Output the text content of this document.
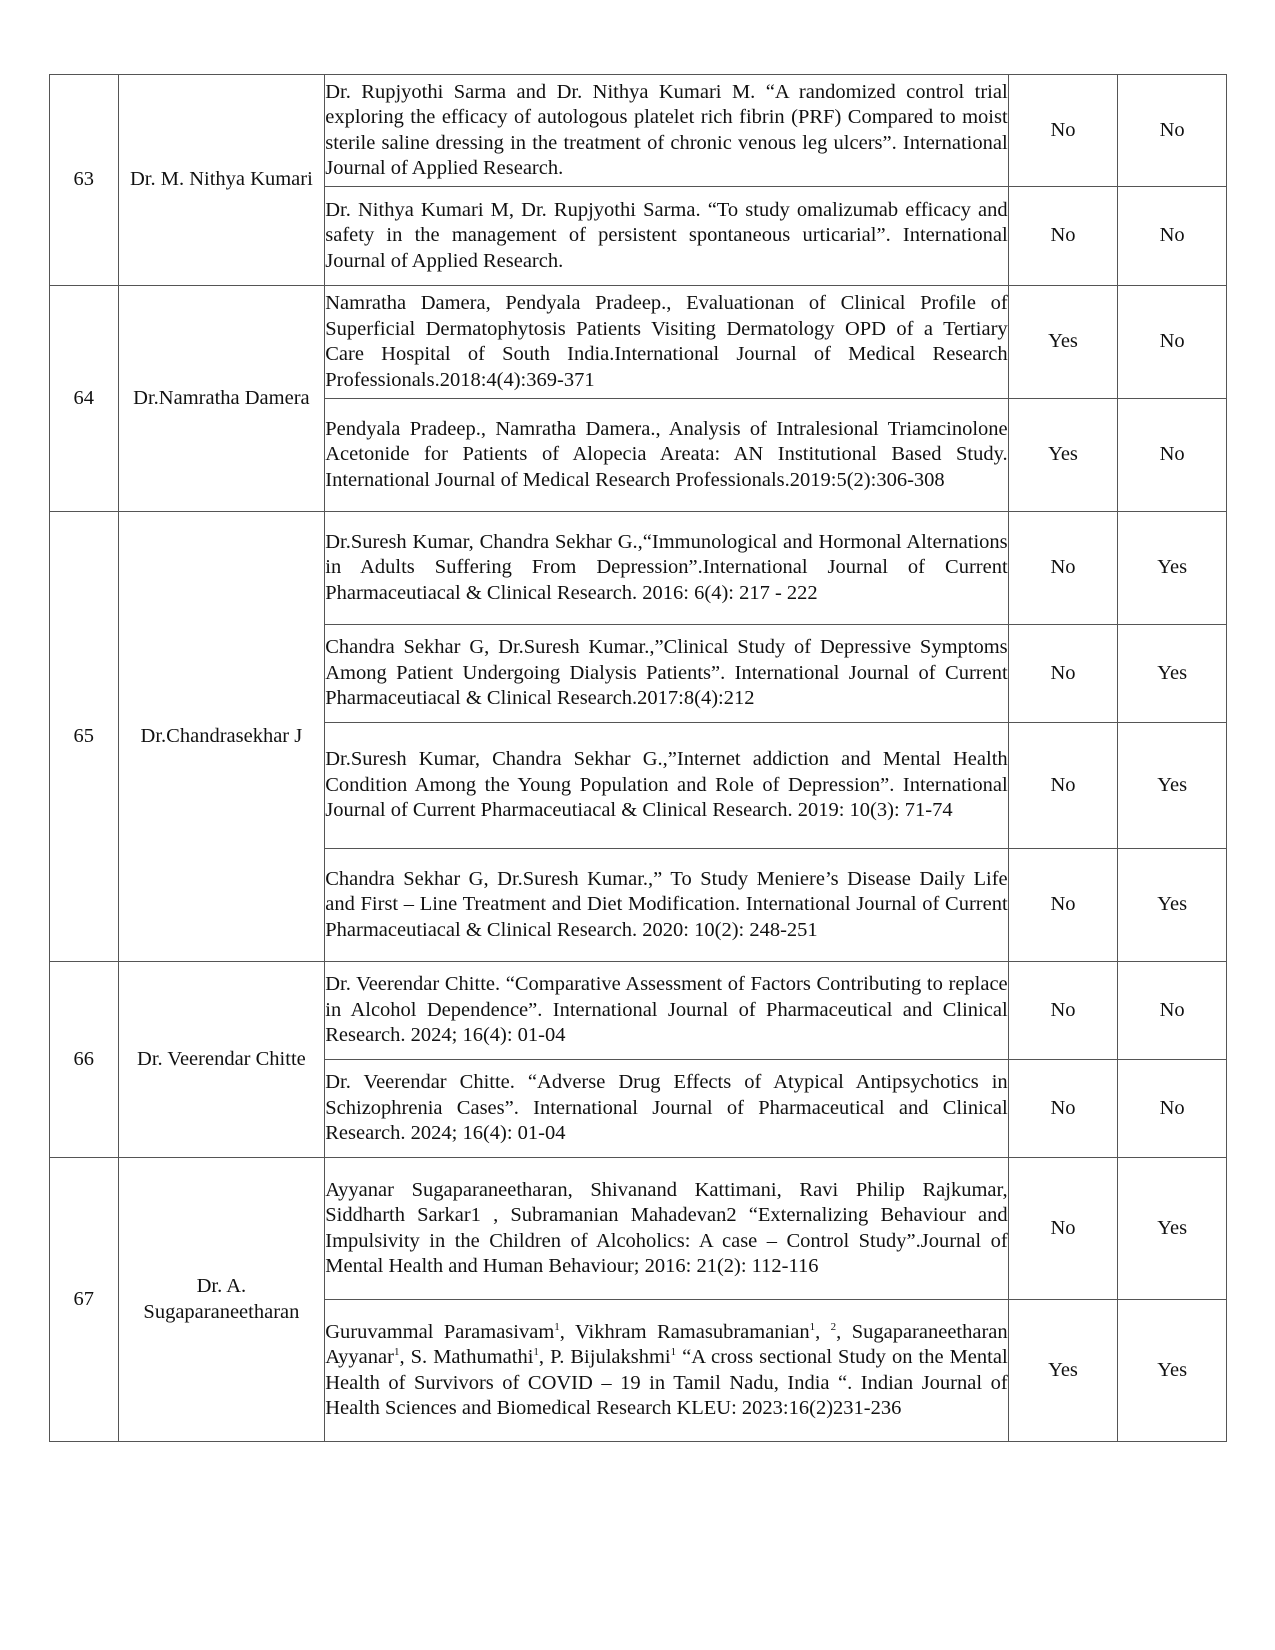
63	Dr. M. Nithya Kumari	Dr. Rupjyothi Sarma and Dr. Nithya Kumari M. “A randomized control trial exploring the efficacy of autologous platelet rich fibrin (PRF) Compared to moist sterile saline dressing in the treatment of chronic venous leg ulcers”. International Journal of Applied Research.	No	No
		Dr. Nithya Kumari M, Dr. Rupjyothi Sarma. “To study omalizumab efficacy and safety in the management of persistent spontaneous urticarial”. International Journal of Applied Research.	No	No
64	Dr.Namratha Damera	Namratha Damera, Pendyala Pradeep., Evaluationan of Clinical Profile of Superficial Dermatophytosis Patients Visiting Dermatology OPD of a Tertiary Care Hospital of South India.International Journal of Medical Research Professionals.2018:4(4):369-371	Yes	No
		Pendyala Pradeep., Namratha Damera., Analysis of Intralesional Triamcinolone Acetonide for Patients of Alopecia Areata: AN Institutional Based Study. International Journal of Medical Research Professionals.2019:5(2):306-308	Yes	No
65	Dr.Chandrasekhar J	Dr.Suresh Kumar, Chandra Sekhar G.,“Immunological and Hormonal Alternations in Adults Suffering From Depression”.International Journal of Current Pharmaceutiacal & Clinical Research. 2016: 6(4): 217 - 222	No	Yes
		Chandra Sekhar G, Dr.Suresh Kumar.,”Clinical Study of Depressive Symptoms Among Patient Undergoing Dialysis Patients”. International Journal of Current Pharmaceutiacal & Clinical Research.2017:8(4):212	No	Yes
		Dr.Suresh Kumar, Chandra Sekhar G.,”Internet addiction and Mental Health Condition Among the Young Population and Role of Depression”. International Journal of Current Pharmaceutiacal & Clinical Research. 2019: 10(3): 71-74	No	Yes
		Chandra Sekhar G, Dr.Suresh Kumar.,” To Study Meniere’s Disease Daily Life and First – Line Treatment and Diet Modification. International Journal of Current Pharmaceutiacal & Clinical Research. 2020: 10(2): 248-251	No	Yes
66	Dr. Veerendar Chitte	Dr. Veerendar Chitte. “Comparative Assessment of Factors Contributing to replace in Alcohol Dependence”. International Journal of Pharmaceutical and Clinical Research. 2024; 16(4): 01-04	No	No
		Dr. Veerendar Chitte. “Adverse Drug Effects of Atypical Antipsychotics in Schizophrenia Cases”. International Journal of Pharmaceutical and Clinical Research. 2024; 16(4): 01-04	No	No
67	Dr. A. Sugaparaneetharan	Ayyanar Sugaparaneetharan, Shivanand Kattimani, Ravi Philip Rajkumar, Siddharth Sarkar1 , Subramanian Mahadevan2 “Externalizing Behaviour and Impulsivity in the Children of Alcoholics: A case – Control Study”.Journal of Mental Health and Human Behaviour; 2016: 21(2): 112-116	No	Yes
		Guruvammal Paramasivam$^1$, Vikhram Ramasubramanian$^1$, $^2$, Sugaparaneetharan Ayyanar$^1$, S. Mathumathi$^1$, P. Bijulakshmi$^1$ “A cross sectional Study on the Mental Health of Survivors of COVID – 19 in Tamil Nadu, India “. Indian Journal of Health Sciences and Biomedical Research KLEU: 2023:16(2)231-236	Yes	Yes
